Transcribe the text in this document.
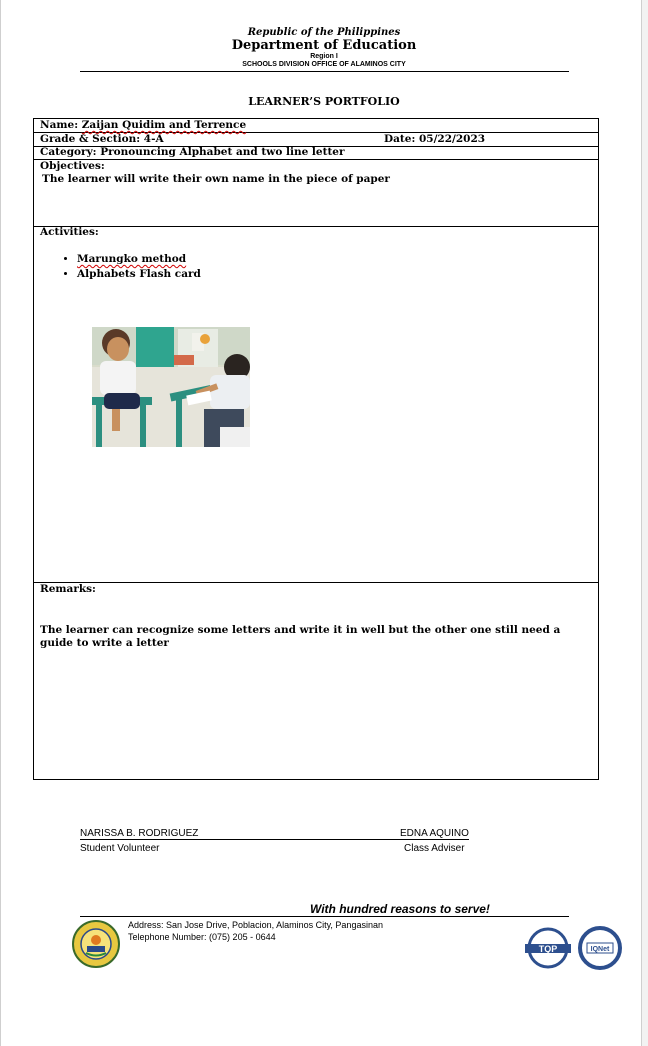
Republic of the Philippines
Department of Education
Region I
SCHOOLS DIVISION OFFICE OF ALAMINOS CITY
LEARNER’S PORTFOLIO
Name: Zaijan Quidim and Terrence
Grade & Section: 4-A	Date: 05/22/2023
Category: Pronouncing Alphabet and two line letter
Objectives:
The learner will write their own name in the piece of paper
Activities:
• Marungko method
• Alphabets Flash card
Remarks:
The learner can recognize some letters and write it in well but the other one still need a guide to write a letter
NARISSA B. RODRIGUEZ	EDNA AQUINO
Student Volunteer	Class Adviser
With hundred reasons to serve!
Address: San Jose Drive, Poblacion, Alaminos City, Pangasinan
Telephone Number: (075) 205 - 0644
TQP	IQNet
